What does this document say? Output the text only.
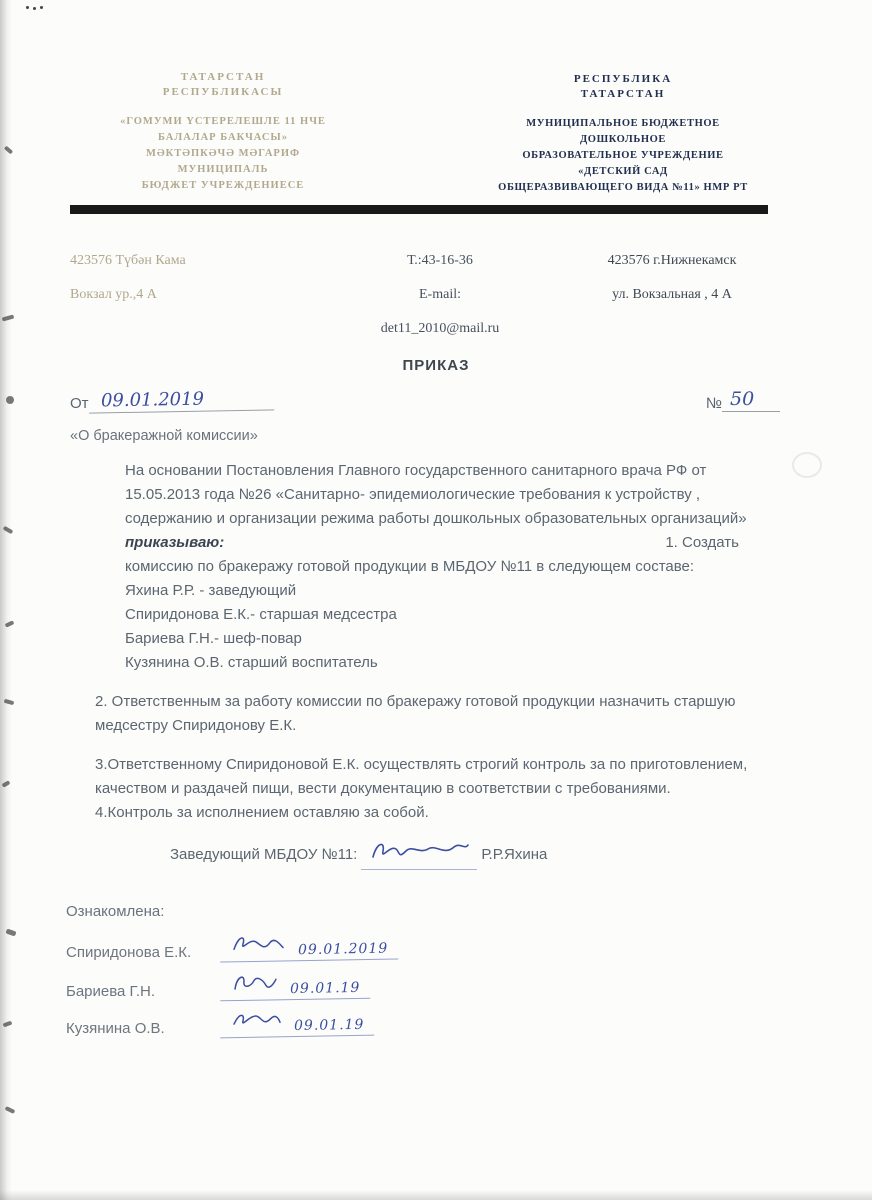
ТАТАРСТАН
РЕСПУБЛИКАСЫ
«ГОМУМИ ҮСТЕРЕЛЕШЛЕ 11 НЧЕ
БАЛАЛАР БАКЧАСЫ»
МӘКТӘПКӘЧӘ МӘГАРИФ
МУНИЦИПАЛЬ
БЮДЖЕТ УЧРЕЖДЕНИЕСЕ
РЕСПУБЛИКА
ТАТАРСТАН
МУНИЦИПАЛЬНОЕ БЮДЖЕТНОЕ
ДОШКОЛЬНОЕ
ОБРАЗОВАТЕЛЬНОЕ УЧРЕЖДЕНИЕ
«ДЕТСКИЙ САД
ОБЩЕРАЗВИВАЮЩЕГО ВИДА №11» НМР РТ
423576 Түбән Кама	Т.:43-16-36	423576 г.Нижнекамск
Вокзал ур.,4 А	E-mail:	ул. Вокзальная , 4 А
det11_2010@mail.ru
ПРИКАЗ
От 09.01.2019	№ 50
«О бракеражной комиссии»
На основании Постановления Главного государственного санитарного врача РФ от
15.05.2013 года №26 «Санитарно- эпидемиологические требования к устройству ,
содержанию и организации режима работы дошкольных образовательных организаций»
приказываю:	1. Создать
комиссию по бракеражу готовой продукции в МБДОУ №11 в следующем составе:
Яхина Р.Р. - заведующий
Спиридонова Е.К.- старшая медсестра
Бариева Г.Н.- шеф-повар
Кузянина О.В. старший воспитатель
2. Ответственным за работу комиссии по бракеражу готовой продукции назначить старшую
медсестру Спиридонову Е.К.
3.Ответственному Спиридоновой Е.К. осуществлять строгий контроль за по приготовлением,
качеством и раздачей пищи, вести документацию в соответствии с требованиями.
4.Контроль за исполнением оставляю за собой.
Заведующий МБДОУ №11:	Р.Р.Яхина
Ознакомлена:
Спиридонова Е.К.	09.01.2019
Бариева Г.Н.	09.01.19
Кузянина О.В.	09.01.19
